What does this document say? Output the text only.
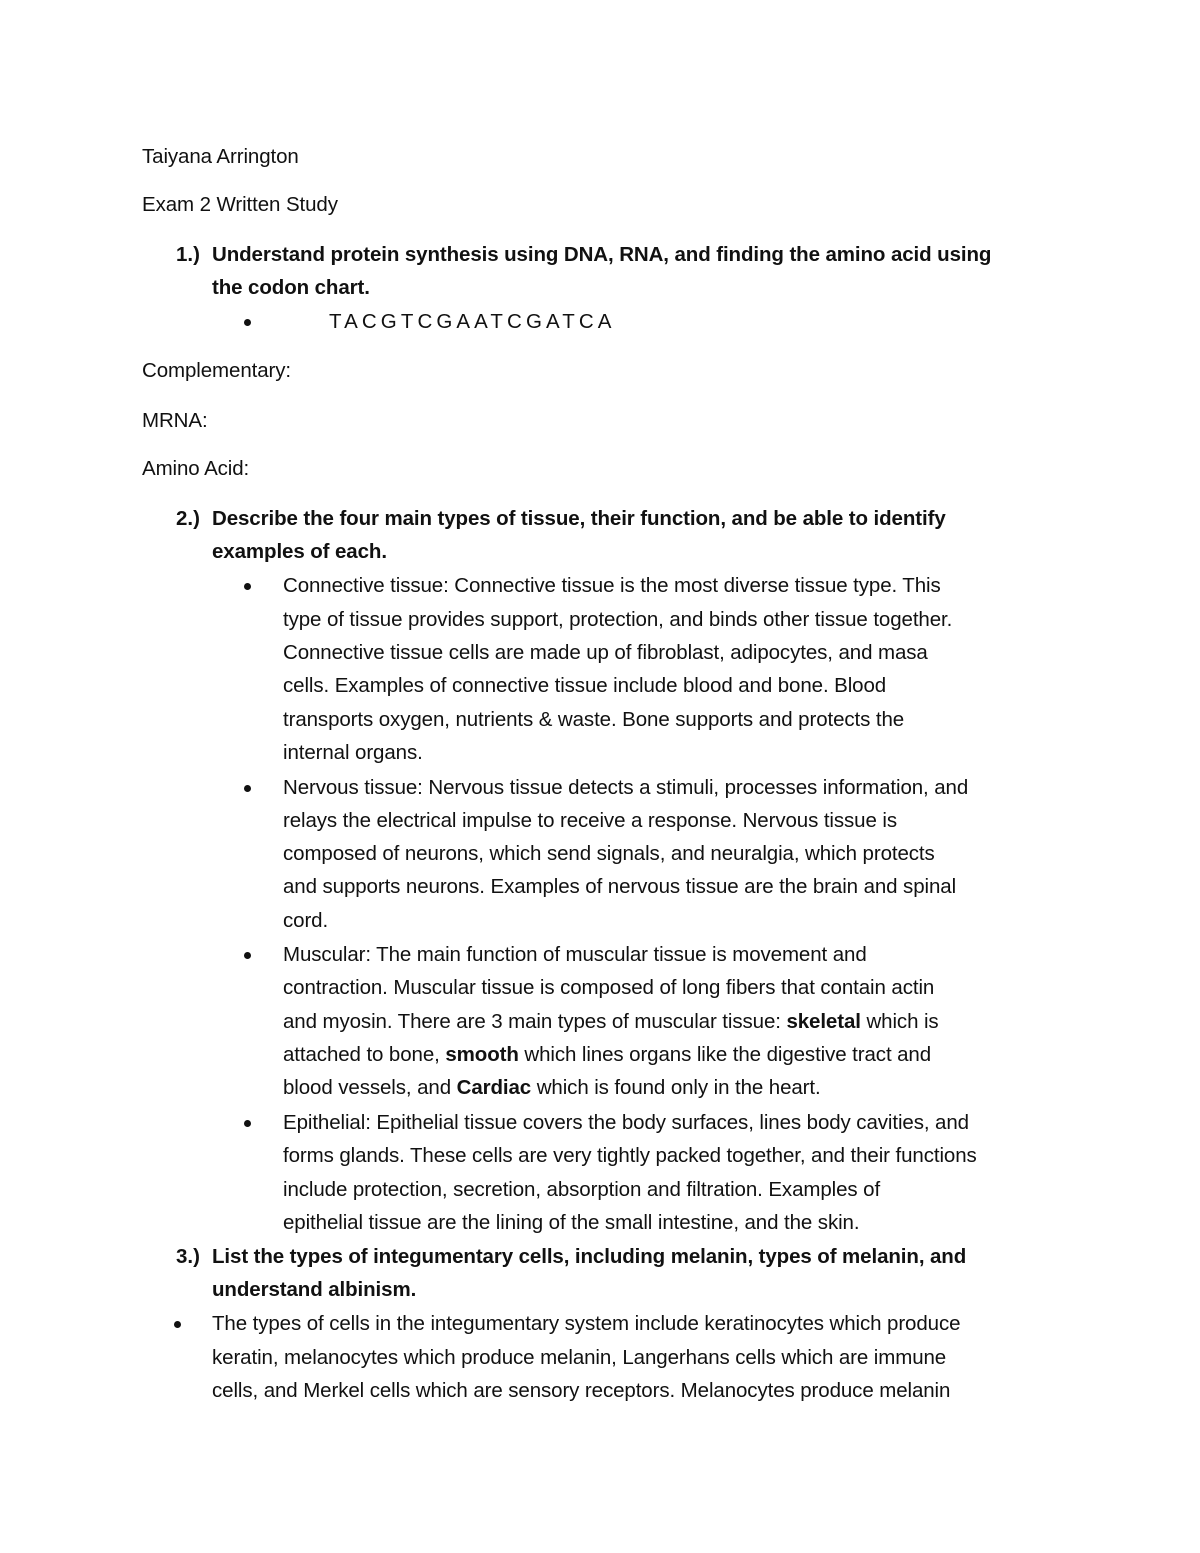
Taiyana Arrington

Exam 2 Written Study

1.) Understand protein synthesis using DNA, RNA, and finding the amino acid using

the codon chart.

TACGTCGAATCGATCA

Complementary:

MRNA:

Amino Acid:

2.) Describe the four main types of tissue, their function, and be able to identify

examples of each.

Connective tissue: Connective tissue is the most diverse tissue type. This

type of tissue provides support, protection, and binds other tissue together.

Connective tissue cells are made up of fibroblast, adipocytes, and masa

cells. Examples of connective tissue include blood and bone. Blood

transports oxygen, nutrients & waste. Bone supports and protects the

internal organs.

Nervous tissue: Nervous tissue detects a stimuli, processes information, and

relays the electrical impulse to receive a response. Nervous tissue is

composed of neurons, which send signals, and neuralgia, which protects

and supports neurons. Examples of nervous tissue are the brain and spinal

cord.

Muscular: The main function of muscular tissue is movement and

contraction. Muscular tissue is composed of long fibers that contain actin

and myosin. There are 3 main types of muscular tissue: skeletal which is

attached to bone, smooth which lines organs like the digestive tract and

blood vessels, and Cardiac which is found only in the heart.

Epithelial: Epithelial tissue covers the body surfaces, lines body cavities, and

forms glands. These cells are very tightly packed together, and their functions

include protection, secretion, absorption and filtration. Examples of

epithelial tissue are the lining of the small intestine, and the skin.

3.) List the types of integumentary cells, including melanin, types of melanin, and

understand albinism.

The types of cells in the integumentary system include keratinocytes which produce

keratin, melanocytes which produce melanin, Langerhans cells which are immune

cells, and Merkel cells which are sensory receptors. Melanocytes produce melanin
